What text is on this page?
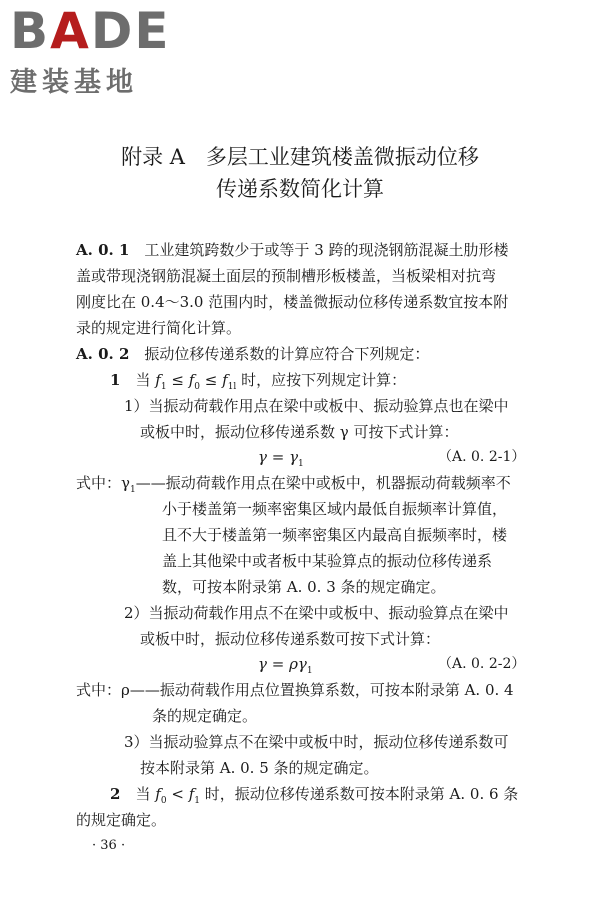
BADE
建装基地
附录 A　多层工业建筑楼盖微振动位移
传递系数简化计算
A. 0. 1　 工业建筑跨数少于或等于 3 跨的现浇钢筋混凝土肋形楼
盖或带现浇钢筋混凝土面层的预制槽形板楼盖，当板梁相对抗弯
刚度比在 0.4～3.0 范围内时，楼盖微振动位移传递系数宜按本附
录的规定进行简化计算。
A. 0. 2　 振动位移传递系数的计算应符合下列规定：
1　 当 $f_1 \le f_0 \le f_{1l}$ 时，应按下列规定计算：
1）当振动荷载作用点在梁中或板中、振动验算点也在梁中
或板中时，振动位移传递系数 γ 可按下式计算：
$\gamma = \gamma_1$	（A. 0. 2-1）
式中：$\gamma_1——$振动荷载作用点在梁中或板中，机器振动荷载频率不
小于楼盖第一频率密集区域内最低自振频率计算值，
且不大于楼盖第一频率密集区内最高自振频率时，楼
盖上其他梁中或者板中某验算点的振动位移传递系
数，可按本附录第 A. 0. 3 条的规定确定。
2）当振动荷载作用点不在梁中或板中、振动验算点在梁中
或板中时，振动位移传递系数可按下式计算：
$\gamma = \rho\gamma_1$	（A. 0. 2-2）
式中：ρ——振动荷载作用点位置换算系数，可按本附录第 A. 0. 4
条的规定确定。
3）当振动验算点不在梁中或板中时，振动位移传递系数可
按本附录第 A. 0. 5 条的规定确定。
2　 当 $f_0 < f_1$ 时，振动位移传递系数可按本附录第 A. 0. 6 条
的规定确定。
· 36 ·
